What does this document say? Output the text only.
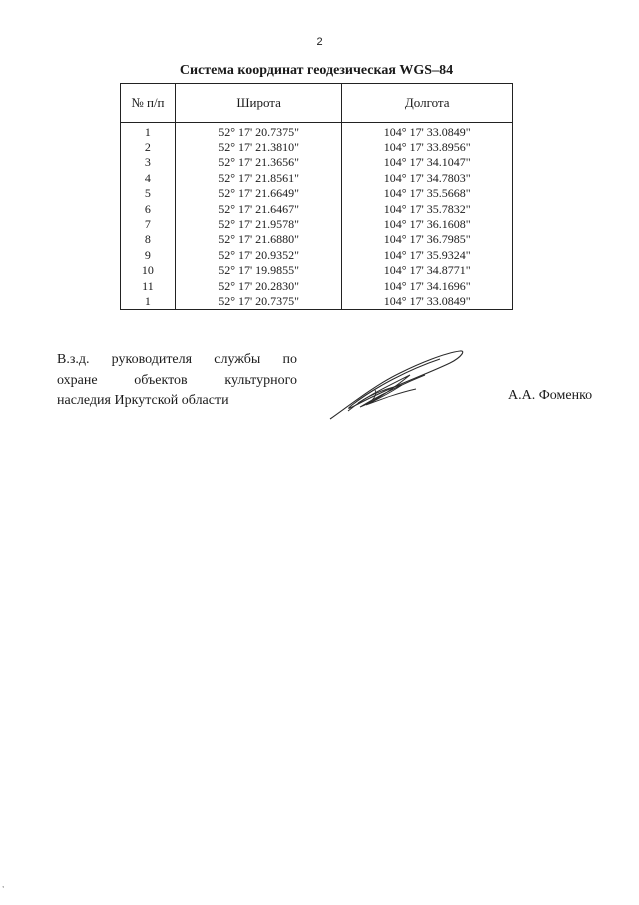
2
Система координат геодезическая WGS–84
№ п/п	Широта	Долгота
1	52° 17' 20.7375"	104° 17' 33.0849"
2	52° 17' 21.3810"	104° 17' 33.8956"
3	52° 17' 21.3656"	104° 17' 34.1047"
4	52° 17' 21.8561"	104° 17' 34.7803"
5	52° 17' 21.6649"	104° 17' 35.5668"
6	52° 17' 21.6467"	104° 17' 35.7832"
7	52° 17' 21.9578"	104° 17' 36.1608"
8	52° 17' 21.6880"	104° 17' 36.7985"
9	52° 17' 20.9352"	104° 17' 35.9324"
10	52° 17' 19.9855"	104° 17' 34.8771"
11	52° 17' 20.2830"	104° 17' 34.1696"
1	52° 17' 20.7375"	104° 17' 33.0849"
В.з.д. руководителя службы по
охране объектов культурного
наследия Иркутской области	А.А. Фоменко
,
